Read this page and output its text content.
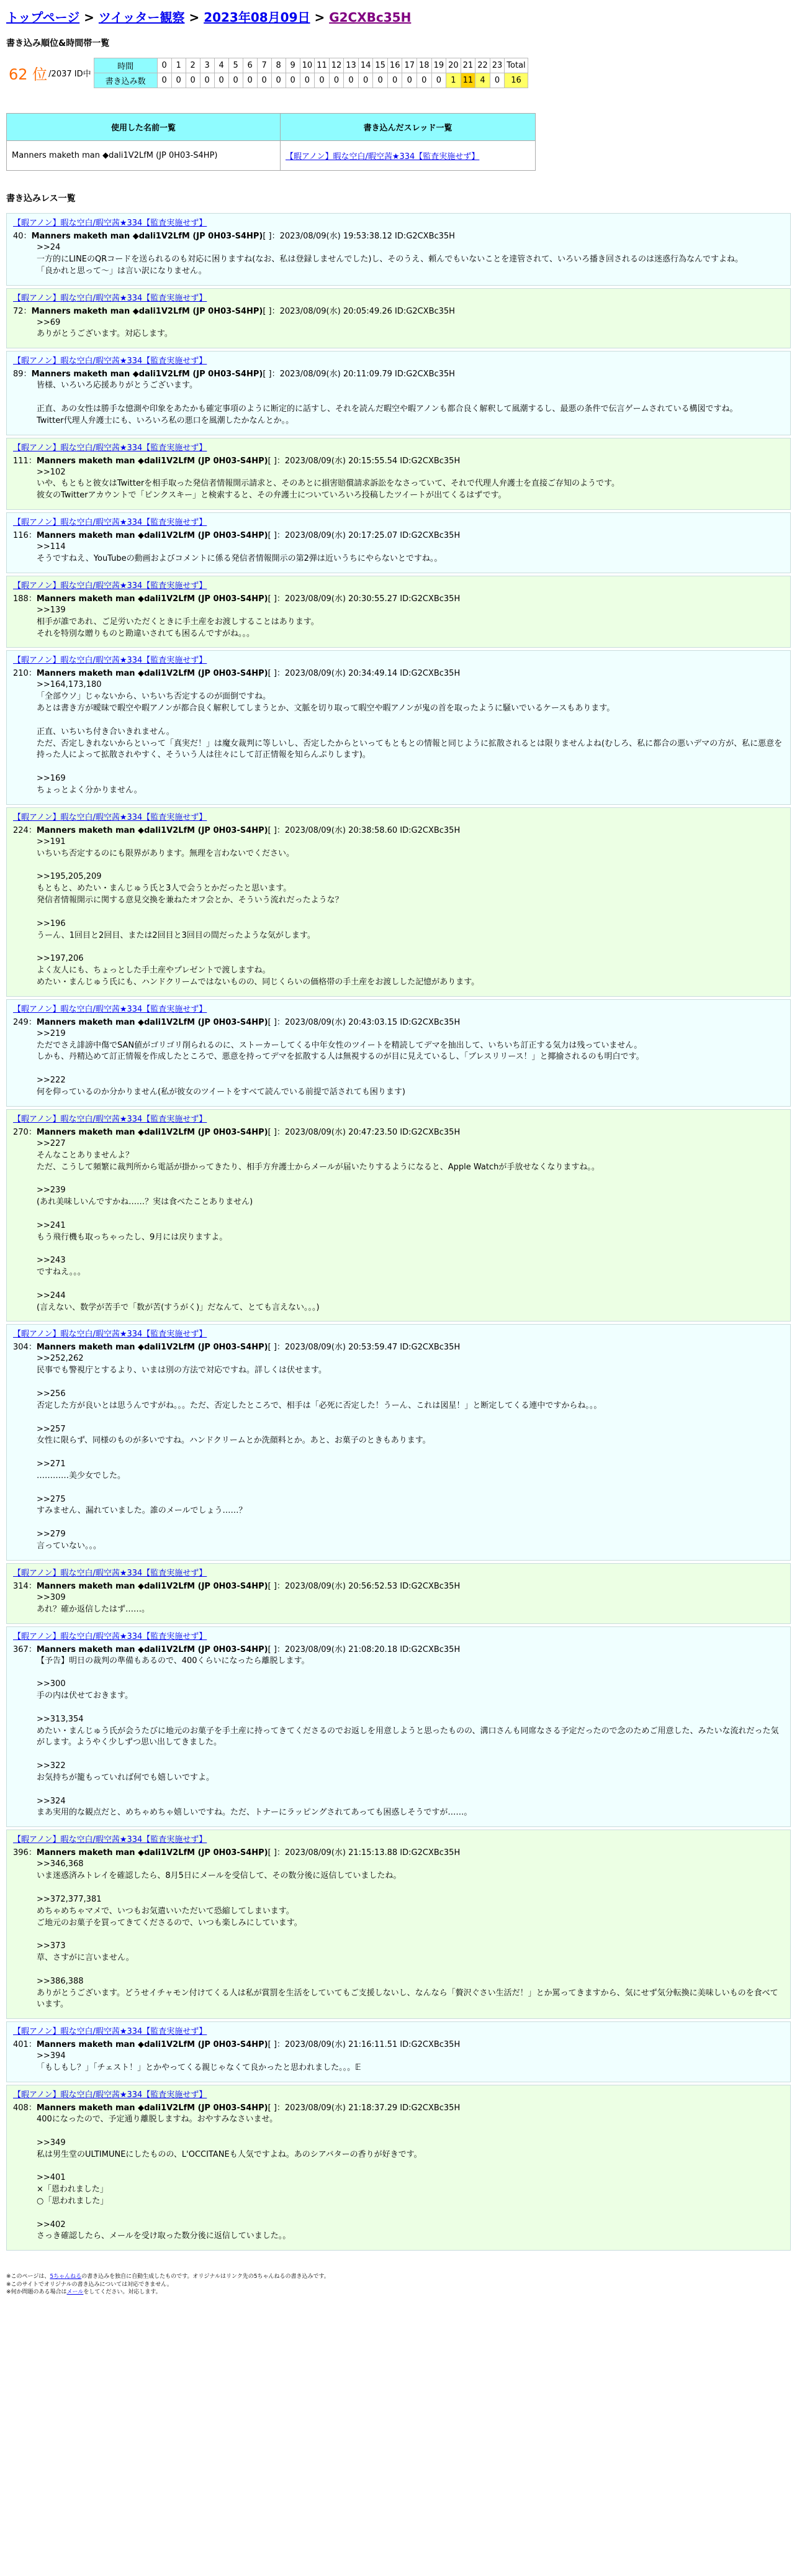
トップページ > ツイッター観察 > 2023年08月09日 > G2CXBc35H
書き込み順位&時間帯一覧
62 位 /2037 ID中
時間	0	1	2	3	4	5	6	7	8	9	10	11	12	13	14	15	16	17	18	19	20	21	22	23	Total
書き込み数	0	0	0	0	0	0	0	0	0	0	0	0	0	0	0	0	0	0	0	0	1	11	4	0	16
使用した名前一覧	書き込んだスレッド一覧
Manners maketh man ◆dali1V2LfM (JP 0H03-S4HP)	【暇アノン】暇な空白/暇空茜★334【監査実施せず】
書き込みレス一覧
【暇アノン】暇な空白/暇空茜★334【監査実施せず】
40：Manners maketh man ◆dali1V2LfM (JP 0H03-S4HP)[ ]：2023/08/09(水) 19:53:38.12 ID:G2CXBc35H
>>24
一方的にLINEのQRコードを送られるのも対応に困りますね(なお、私は登録しませんでした)し、そのうえ、頼んでもいないことを達管されて、いろいろ播き回されるのは迷惑行為なんですよね。
「良かれと思って～」は言い訳になりません。
【暇アノン】暇な空白/暇空茜★334【監査実施せず】
72：Manners maketh man ◆dali1V2LfM (JP 0H03-S4HP)[ ]：2023/08/09(水) 20:05:49.26 ID:G2CXBc35H
>>69
ありがとうございます。対応します。
【暇アノン】暇な空白/暇空茜★334【監査実施せず】
89：Manners maketh man ◆dali1V2LfM (JP 0H03-S4HP)[ ]：2023/08/09(水) 20:11:09.79 ID:G2CXBc35H
皆様、いろいろ応援ありがとうございます。

正直、あの女性は勝手な憶測や印象をあたかも確定事項のように断定的に話すし、それを読んだ暇空や暇アノンも都合良く解釈して風潮するし、最悪の条件で伝言ゲームされている構図ですね。
Twitter代理人弁護士にも、いろいろ私の悪口を風潮したかなんとか。。
【暇アノン】暇な空白/暇空茜★334【監査実施せず】
111：Manners maketh man ◆dali1V2LfM (JP 0H03-S4HP)[ ]：2023/08/09(水) 20:15:55.54 ID:G2CXBc35H
>>102
いや、もともと彼女はTwitterを相手取った発信者情報開示請求と、そのあとに損害賠償請求訴訟をなさっていて、それで代理人弁護士を直接ご存知のようです。
彼女のTwitterアカウントで「ピンクスキー」と検索すると、その弁護士についていろいろ投稿したツイートが出てくるはずです。
【暇アノン】暇な空白/暇空茜★334【監査実施せず】
116：Manners maketh man ◆dali1V2LfM (JP 0H03-S4HP)[ ]：2023/08/09(水) 20:17:25.07 ID:G2CXBc35H
>>114
そうですねえ、YouTubeの動画およびコメントに係る発信者情報開示の第2弾は近いうちにやらないとですね。。
【暇アノン】暇な空白/暇空茜★334【監査実施せず】
188：Manners maketh man ◆dali1V2LfM (JP 0H03-S4HP)[ ]：2023/08/09(水) 20:30:55.27 ID:G2CXBc35H
>>139
相手が誰であれ、ご足労いただくときに手土産をお渡しすることはあります。
それを特別な贈りものと勘違いされても困るんですがね。。。
【暇アノン】暇な空白/暇空茜★334【監査実施せず】
210：Manners maketh man ◆dali1V2LfM (JP 0H03-S4HP)[ ]：2023/08/09(水) 20:34:49.14 ID:G2CXBc35H
>>164,173,180
「全部ウソ」じゃないから、いちいち否定するのが面倒ですね。
あとは書き方が曖昧で暇空や暇アノンが都合良く解釈してしまうとか、文脈を切り取って暇空や暇アノンが鬼の首を取ったように騒いでいるケースもあります。

正直、いちいち付き合いきれません。
ただ、否定しきれないからといって「真実だ！」は魔女裁判に等しいし、否定したからといってもともとの情報と同じように拡散されるとは限りませんよね(むしろ、私に都合の悪いデマの方が、私に悪意を持った人によって拡散されやすく、そういう人は往々にして訂正情報を知らんぷりします)。

>>169
ちょっとよく分かりません。
【暇アノン】暇な空白/暇空茜★334【監査実施せず】
224：Manners maketh man ◆dali1V2LfM (JP 0H03-S4HP)[ ]：2023/08/09(水) 20:38:58.60 ID:G2CXBc35H
>>191
いちいち否定するのにも限界があります。無理を言わないでください。

>>195,205,209
もともと、めたい・まんじゅう氏と3人で会うとかだったと思います。
発信者情報開示に関する意見交換を兼ねたオフ会とか、そういう流れだったような？

>>196
うーん、1回目と2回目、または2回目と3回目の間だったような気がします。

>>197,206
よく友人にも、ちょっとした手土産やプレゼントで渡しますね。
めたい・まんじゅう氏にも、ハンドクリームではないものの、同じくらいの価格帯の手土産をお渡しした記憶があります。
【暇アノン】暇な空白/暇空茜★334【監査実施せず】
249：Manners maketh man ◆dali1V2LfM (JP 0H03-S4HP)[ ]：2023/08/09(水) 20:43:03.15 ID:G2CXBc35H
>>219
ただでさえ誹謗中傷でSAN値がゴリゴリ削られるのに、ストーカーしてくる中年女性のツイートを精読してデマを抽出して、いちいち訂正する気力は残っていません。
しかも、丹精込めて訂正情報を作成したところで、悪意を持ってデマを拡散する人は無視するのが目に見えているし、「ブレスリリース！」と揶揄されるのも明白です。

>>222
何を仰っているのか分かりません(私が彼女のツイートをすべて読んでいる前提で話されても困ります)
【暇アノン】暇な空白/暇空茜★334【監査実施せず】
270：Manners maketh man ◆dali1V2LfM (JP 0H03-S4HP)[ ]：2023/08/09(水) 20:47:23.50 ID:G2CXBc35H
>>227
そんなことありませんよ？
ただ、こうして頻繁に裁判所から電話が掛かってきたり、相手方弁護士からメールが届いたりするようになると、Apple Watchが手放せなくなりますね。。

>>239
(あれ美味しいんですかね……？実は食べたことありません)

>>241
もう飛行機も取っちゃったし、9月には戻りますよ。

>>243
ですねえ。。。

>>244
(言えない、数学が苦手で「数が苦(すうがく)」だなんて、とても言えない。。。)
【暇アノン】暇な空白/暇空茜★334【監査実施せず】
304：Manners maketh man ◆dali1V2LfM (JP 0H03-S4HP)[ ]：2023/08/09(水) 20:53:59.47 ID:G2CXBc35H
>>252,262
民事でも警視庁とするより、いまは別の方法で対応ですね。詳しくは伏せます。

>>256
否定した方が良いとは思うんですがね。。。ただ、否定したところで、相手は「必死に否定した！うーん、これは図星！」と断定してくる連中ですからね。。。

>>257
女性に限らず、同様のものが多いですね。ハンドクリームとか洗顔料とか。あと、お菓子のときもあります。

>>271
…………美少女でした。

>>275
すみません、漏れていました。誰のメールでしょう……？

>>279
言っていない。。。
【暇アノン】暇な空白/暇空茜★334【監査実施せず】
314：Manners maketh man ◆dali1V2LfM (JP 0H03-S4HP)[ ]：2023/08/09(水) 20:56:52.53 ID:G2CXBc35H
>>309
あれ？確か返信したはず……。
【暇アノン】暇な空白/暇空茜★334【監査実施せず】
367：Manners maketh man ◆dali1V2LfM (JP 0H03-S4HP)[ ]：2023/08/09(水) 21:08:20.18 ID:G2CXBc35H
【予告】明日の裁判の準備もあるので、400くらいになったら離脱します。

>>300
手の内は伏せておきます。

>>313,354
めたい・まんじゅう氏が会うたびに地元のお菓子を手土産に持ってきてくださるのでお返しを用意しようと思ったものの、溝口さんも同席なさる予定だったので念のためご用意した、みたいな流れだった気がします。ようやく少しずつ思い出してきました。

>>322
お気持ちが籠もっていれば何でも嬉しいですよ。

>>324
まあ実用的な観点だと、めちゃめちゃ嬉しいですね。ただ、トナーにラッピングされてあっても困惑しそうですが……。
【暇アノン】暇な空白/暇空茜★334【監査実施せず】
396：Manners maketh man ◆dali1V2LfM (JP 0H03-S4HP)[ ]：2023/08/09(水) 21:15:13.88 ID:G2CXBc35H
>>346,368
いま迷惑済みトレイを確認したら、8月5日にメールを受信して、その数分後に返信していましたね。

>>372,377,381
めちゃめちゃマメで、いつもお気遣いいただいて恐縮してしまいます。
ご地元のお菓子を買ってきてくださるので、いつも楽しみにしています。

>>373
草、さすがに言いません。

>>386,388
ありがとうございます。どうせイチャモン付けてくる人は私が賞罰を生活をしていてもご支援しないし、なんなら「贅沢ぐさい生活だ！」とか罵ってきますから、気にせず気分転換に美味しいものを食べています。
【暇アノン】暇な空白/暇空茜★334【監査実施せず】
401：Manners maketh man ◆dali1V2LfM (JP 0H03-S4HP)[ ]：2023/08/09(水) 21:16:11.51 ID:G2CXBc35H
>>394
「もしもし？」「チェスト！」とかやってくる親じゃなくて良かったと思われました。。。𝔼
【暇アノン】暇な空白/暇空茜★334【監査実施せず】
408：Manners maketh man ◆dali1V2LfM (JP 0H03-S4HP)[ ]：2023/08/09(水) 21:18:37.29 ID:G2CXBc35H
400になったので、予定通り離脱しますね。おやすみなさいませ。

>>349
私は男生堂のULTIMUNEにしたものの、L'OCCITANEも人気ですよね。あのシアバターの香りが好きです。

>>401
×「恩われました」
○「思われました」

>>402
さっき確認したら、メールを受け取った数分後に返信していました。。
※このページは、5ちゃんねるの書き込みを独自に自動生成したものです。オリジナルはリンク先の5ちゃんねるの書き込みです。
※このサイトでオリジナルの書き込みについては対応できません。
※何か問題のある場合はメールをしてください。対応します。
